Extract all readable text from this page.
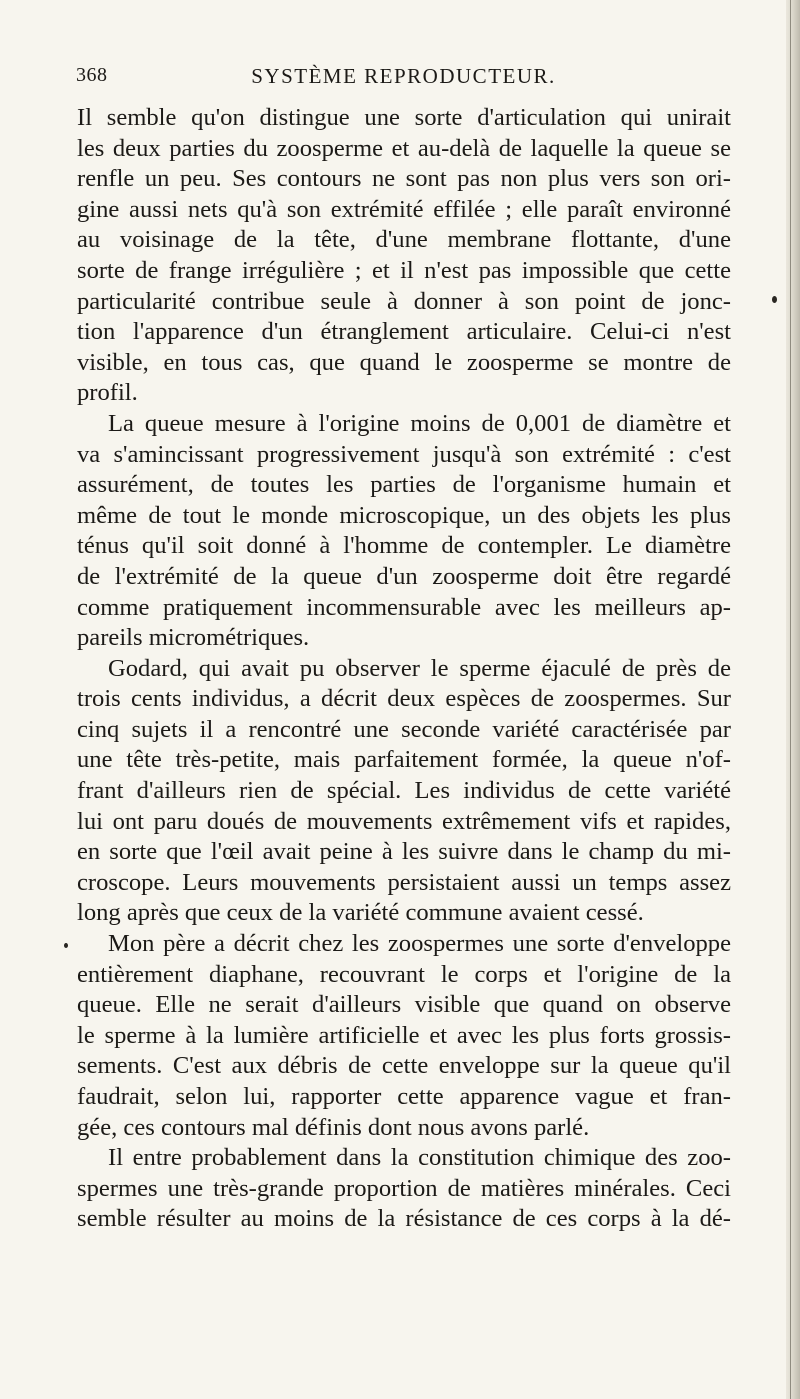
368	SYSTÈME REPRODUCTEUR.
Il semble qu'on distingue une sorte d'articulation qui unirait
les deux parties du zoosperme et au-delà de laquelle la queue se
renfle un peu. Ses contours ne sont pas non plus vers son ori-
gine aussi nets qu'à son extrémité effilée ; elle paraît environné
au voisinage de la tête, d'une membrane flottante, d'une
sorte de frange irrégulière ; et il n'est pas impossible que cette
particularité contribue seule à donner à son point de jonc-
tion l'apparence d'un étranglement articulaire. Celui-ci n'est
visible, en tous cas, que quand le zoosperme se montre de
profil.
La queue mesure à l'origine moins de 0,001 de diamètre et
va s'amincissant progressivement jusqu'à son extrémité : c'est
assurément, de toutes les parties de l'organisme humain et
même de tout le monde microscopique, un des objets les plus
ténus qu'il soit donné à l'homme de contempler. Le diamètre
de l'extrémité de la queue d'un zoosperme doit être regardé
comme pratiquement incommensurable avec les meilleurs ap-
pareils micrométriques.
Godard, qui avait pu observer le sperme éjaculé de près de
trois cents individus, a décrit deux espèces de zoospermes. Sur
cinq sujets il a rencontré une seconde variété caractérisée par
une tête très-petite, mais parfaitement formée, la queue n'of-
frant d'ailleurs rien de spécial. Les individus de cette variété
lui ont paru doués de mouvements extrêmement vifs et rapides,
en sorte que l'œil avait peine à les suivre dans le champ du mi-
croscope. Leurs mouvements persistaient aussi un temps assez
long après que ceux de la variété commune avaient cessé.
Mon père a décrit chez les zoospermes une sorte d'enveloppe
entièrement diaphane, recouvrant le corps et l'origine de la
queue. Elle ne serait d'ailleurs visible que quand on observe
le sperme à la lumière artificielle et avec les plus forts grossis-
sements. C'est aux débris de cette enveloppe sur la queue qu'il
faudrait, selon lui, rapporter cette apparence vague et fran-
gée, ces contours mal définis dont nous avons parlé.
Il entre probablement dans la constitution chimique des zoo-
spermes une très-grande proportion de matières minérales. Ceci
semble résulter au moins de la résistance de ces corps à la dé-
